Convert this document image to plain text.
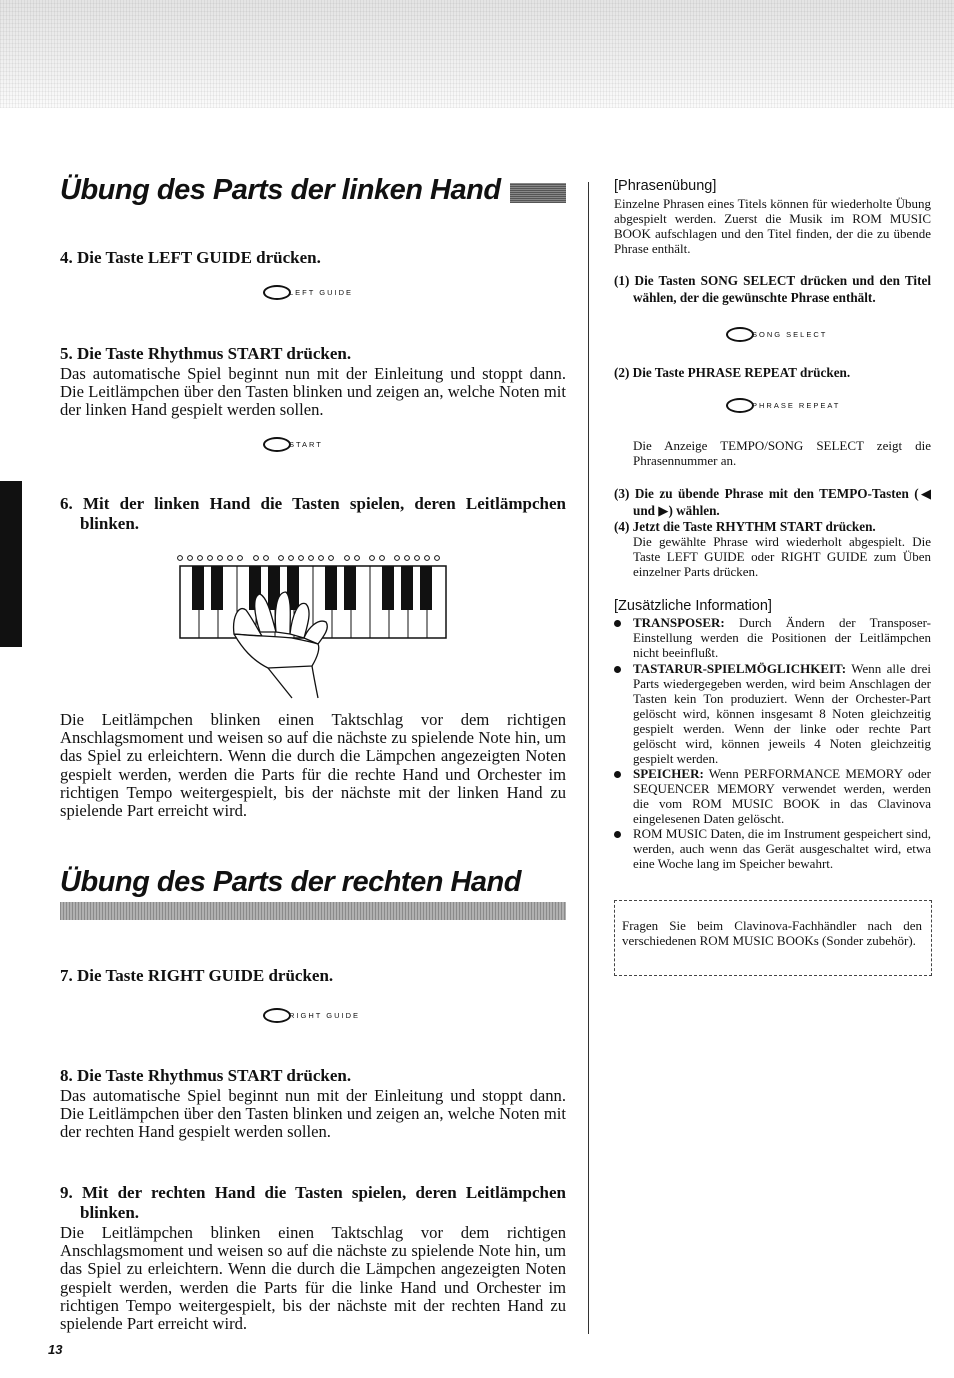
Übung des Parts der linken Hand

4. Die Taste LEFT GUIDE drücken.

LEFT GUIDE

5. Die Taste Rhythmus START drücken.

Das automatische Spiel beginnt nun mit der Einleitung und stoppt dann. Die Leitlämpchen über den Tasten blinken und zeigen an, welche Noten mit der linken Hand gespielt werden sollen.

START

6. Mit der linken Hand die Tasten spielen, deren Leitlämpchen blinken.

Die Leitlämpchen blinken einen Taktschlag vor dem richtigen Anschlagsmoment und weisen so auf die nächste zu spielende Note hin, um das Spiel zu erleichtern. Wenn die durch die Lämpchen angezeigten Noten gespielt werden, werden die Parts für die rechte Hand und Orchester im richtigen Tempo weitergespielt, bis der nächste mit der linken Hand zu spielende Part erreicht wird.

Übung des Parts der rechten Hand

7. Die Taste RIGHT GUIDE drücken.

RIGHT GUIDE

8. Die Taste Rhythmus START drücken.

Das automatische Spiel beginnt nun mit der Einleitung und stoppt dann. Die Leitlämpchen über den Tasten blinken und zeigen an, welche Noten mit der rechten Hand gespielt werden sollen.

9. Mit der rechten Hand die Tasten spielen, deren Leitlämpchen blinken.

Die Leitlämpchen blinken einen Taktschlag vor dem richtigen Anschlagsmoment und weisen so auf die nächste zu spielende Note hin, um das Spiel zu erleichtern. Wenn die durch die Lämpchen angezeigten Noten gespielt werden, werden die Parts für die linke Hand und Orchester im richtigen Tempo weitergespielt, bis der nächste mit der rechten Hand zu spielende Part erreicht wird.

13

[Phrasenübung]

Einzelne Phrasen eines Titels können für wiederholte Übung abgespielt werden. Zuerst die Musik im ROM MUSIC BOOK aufschlagen und den Titel finden, der die zu übende Phrase enthält.

(1) Die Tasten SONG SELECT drücken und den Titel wählen, der die gewünschte Phrase enthält.

SONG SELECT

(2) Die Taste PHRASE REPEAT drücken.

PHRASE REPEAT

Die Anzeige TEMPO/SONG SELECT zeigt die Phrasennummer an.

(3) Die zu übende Phrase mit den TEMPO-Tasten (◀ und ▶) wählen.

(4) Jetzt die Taste RHYTHM START drücken.

Die gewählte Phrase wird wiederholt abgespielt. Die Taste LEFT GUIDE oder RIGHT GUIDE zum Üben einzelner Parts drücken.

[Zusätzliche Information]

TRANSPOSER: Durch Ändern der Transposer-Einstellung werden die Positionen der Leitlämpchen nicht beeinflußt.

TASTARUR-SPIELMÖGLICHKEIT: Wenn alle drei Parts wiedergegeben werden, wird beim Anschlagen der Tasten kein Ton produziert. Wenn der Orchester-Part gelöscht wird, können insgesamt 8 Noten gleichzeitig gespielt werden. Wenn der linke oder rechte Part gelöscht wird, können jeweils 4 Noten gleichzeitig gespielt werden.

SPEICHER: Wenn PERFORMANCE MEMORY oder SEQUENCER MEMORY verwendet werden, werden die vom ROM MUSIC BOOK in das Clavinova eingelesenen Daten gelöscht.

ROM MUSIC Daten, die im Instrument gespeichert sind, werden, auch wenn das Gerät ausgeschaltet wird, etwa eine Woche lang im Speicher bewahrt.

Fragen Sie beim Clavinova-Fachhändler nach den verschiedenen ROM MUSIC BOOKs (Sonder zubehör).
